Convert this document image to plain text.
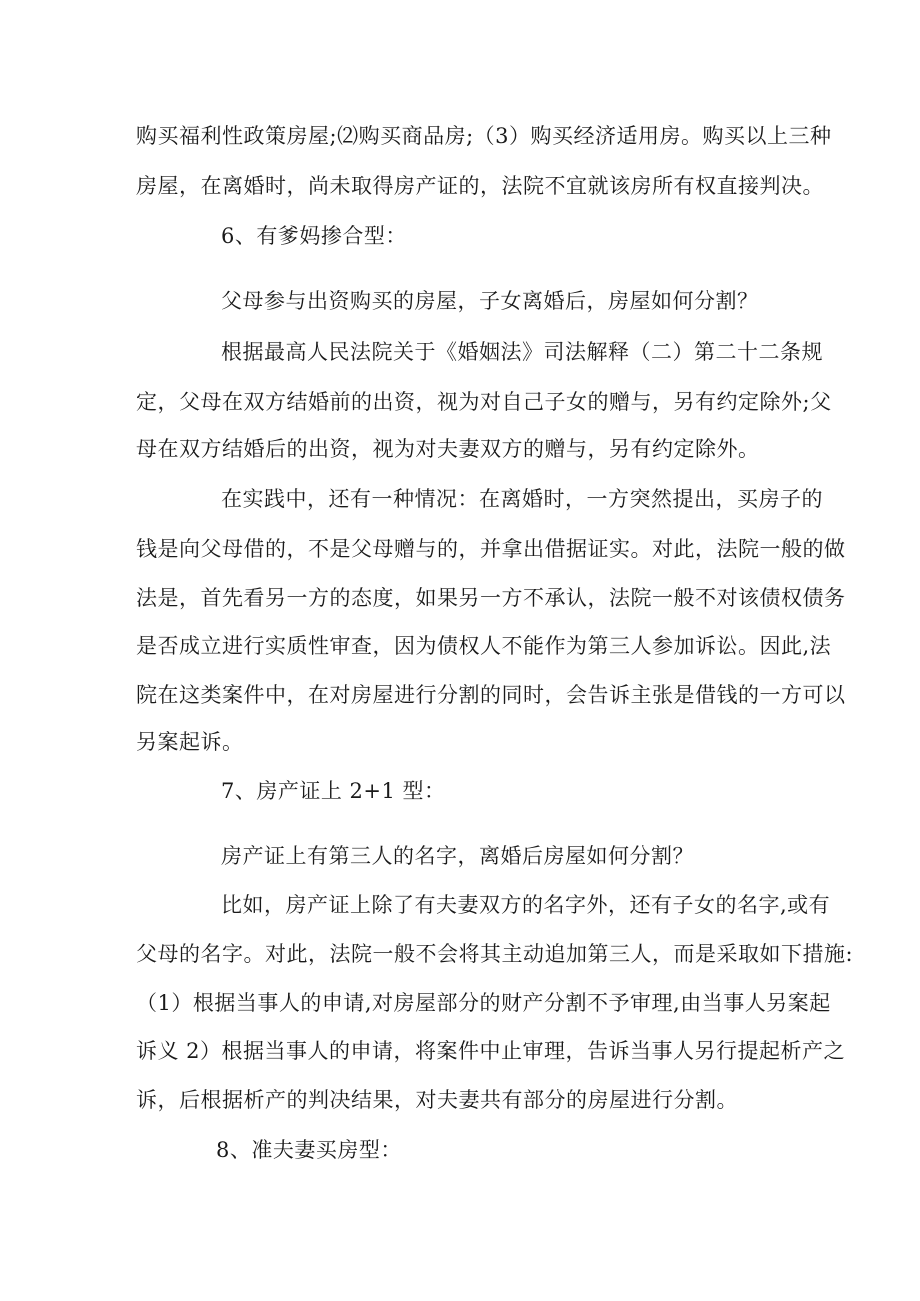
购买福利性政策房屋;⑵购买商品房;（3）购买经济适用房。购买以上三种
房屋，在离婚时，尚未取得房产证的，法院不宜就该房所有权直接判决。
6、有爹妈掺合型：
父母参与出资购买的房屋，子女离婚后，房屋如何分割？
根据最高人民法院关于《婚姻法》司法解释（二）第二十二条规
定，父母在双方结婚前的出资，视为对自己子女的赠与，另有约定除外;父
母在双方结婚后的出资，视为对夫妻双方的赠与，另有约定除外。
在实践中，还有一种情况：在离婚时，一方突然提出，买房子的
钱是向父母借的，不是父母赠与的，并拿出借据证实。对此，法院一般的做
法是，首先看另一方的态度，如果另一方不承认，法院一般不对该债权债务
是否成立进行实质性审查，因为债权人不能作为第三人参加诉讼。因此,法
院在这类案件中，在对房屋进行分割的同时，会告诉主张是借钱的一方可以
另案起诉。
7、房产证上 2+1 型：
房产证上有第三人的名字，离婚后房屋如何分割？
比如，房产证上除了有夫妻双方的名字外，还有子女的名字,或有
父母的名字。对此，法院一般不会将其主动追加第三人，而是采取如下措施:
（1）根据当事人的申请,对房屋部分的财产分割不予审理,由当事人另案起
诉义 2）根据当事人的申请，将案件中止审理，告诉当事人另行提起析产之
诉，后根据析产的判决结果，对夫妻共有部分的房屋进行分割。
8、准夫妻买房型：
